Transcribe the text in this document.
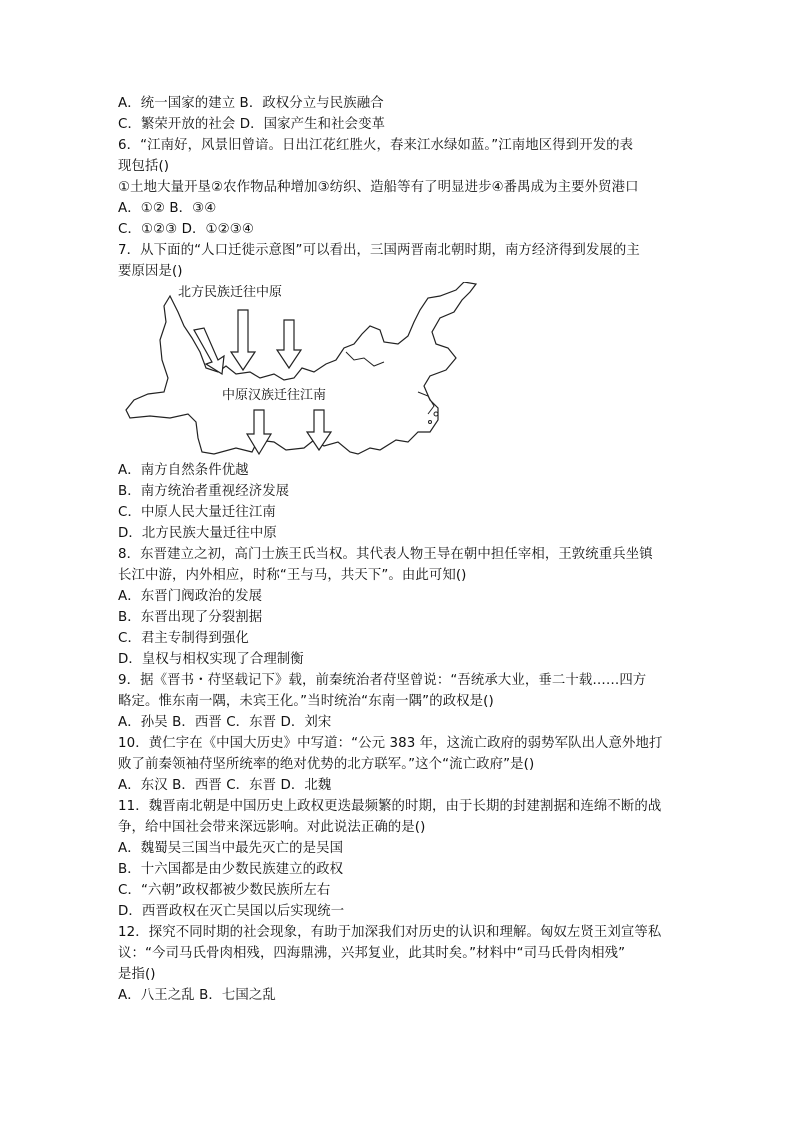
A．统一国家的建立 B．政权分立与民族融合
C．繁荣开放的社会 D．国家产生和社会变革
6．“江南好，风景旧曾谙。日出江花红胜火，春来江水绿如蓝。”江南地区得到开发的表
现包括()
①土地大量开垦②农作物品种增加③纺织、造船等有了明显进步④番禺成为主要外贸港口
A．①② B．③④
C．①②③ D．①②③④
7．从下面的“人口迁徙示意图”可以看出，三国两晋南北朝时期，南方经济得到发展的主
要原因是()
北方民族迁往中原
中原汉族迁往江南
A．南方自然条件优越
B．南方统治者重视经济发展
C．中原人民大量迁往江南
D．北方民族大量迁往中原
8．东晋建立之初，高门士族王氏当权。其代表人物王导在朝中担任宰相，王敦统重兵坐镇
长江中游，内外相应，时称“王与马，共天下”。由此可知()
A．东晋门阀政治的发展
B．东晋出现了分裂割据
C．君主专制得到强化
D．皇权与相权实现了合理制衡
9．据《晋书・苻坚载记下》载，前秦统治者苻坚曾说：“吾统承大业，垂二十载……四方
略定。惟东南一隅，未宾王化。”当时统治“东南一隅”的政权是()
A．孙吴 B．西晋 C．东晋 D．刘宋
10．黄仁宇在《中国大历史》中写道：“公元 383 年，这流亡政府的弱势军队出人意外地打
败了前秦领袖苻坚所统率的绝对优势的北方联军。”这个“流亡政府”是()
A．东汉 B．西晋 C．东晋 D．北魏
11．魏晋南北朝是中国历史上政权更迭最频繁的时期，由于长期的封建割据和连绵不断的战
争，给中国社会带来深远影响。对此说法正确的是()
A．魏蜀吴三国当中最先灭亡的是吴国
B．十六国都是由少数民族建立的政权
C．“六朝”政权都被少数民族所左右
D．西晋政权在灭亡吴国以后实现统一
12．探究不同时期的社会现象，有助于加深我们对历史的认识和理解。匈奴左贤王刘宣等私
议：“今司马氏骨肉相残，四海鼎沸，兴邦复业，此其时矣。”材料中“司马氏骨肉相残”
是指()
A．八王之乱 B．七国之乱
